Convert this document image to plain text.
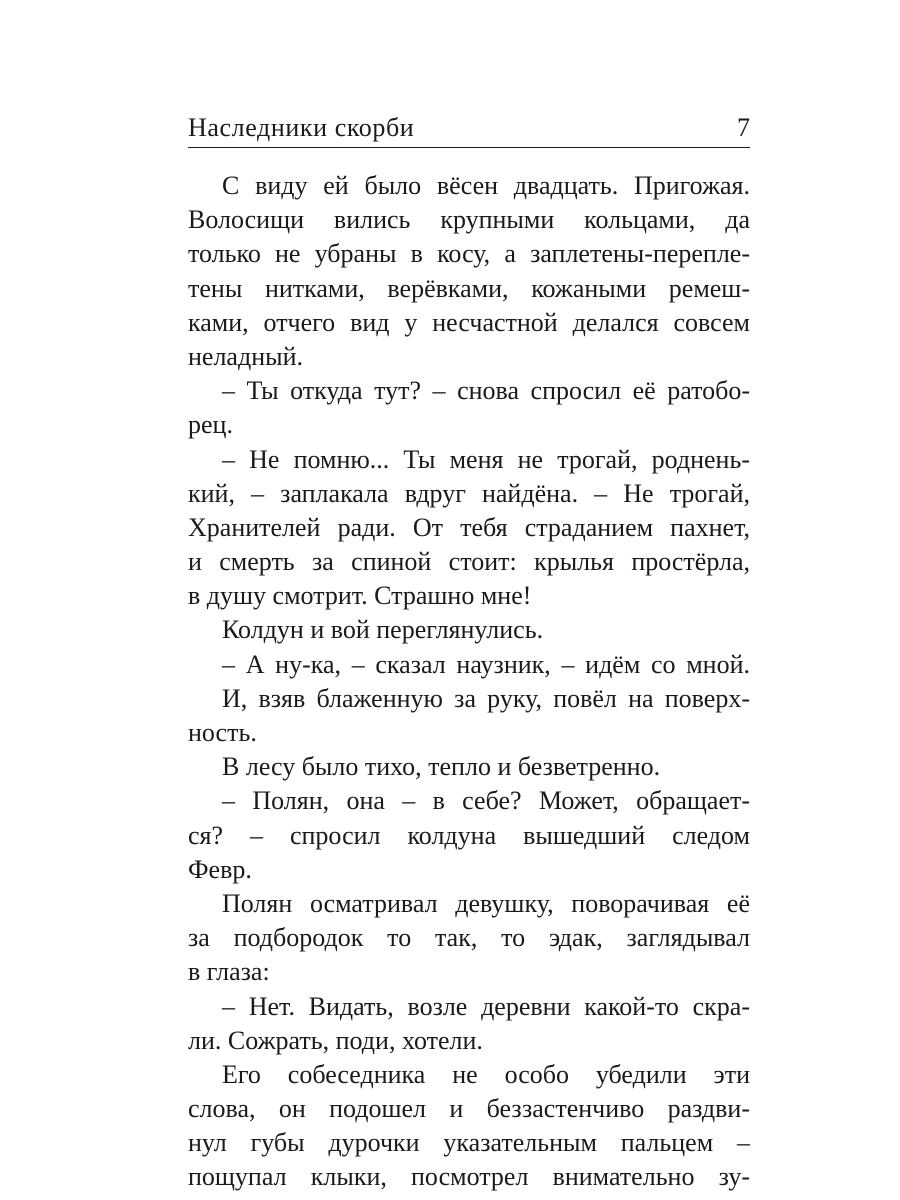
Наследники скорби	7
С виду ей было вёсен двадцать. Пригожая.
Волосищи вились крупными кольцами, да
только не убраны в косу, а заплетены-переплe-
тены нитками, верёвками, кожаными ремеш-
ками, отчего вид у несчастной делался совсем
неладный.
– Ты откуда тут? – снова спросил её ратобо-
рец.
– Не помню... Ты меня не трогай, роднень-
кий, – заплакала вдруг найдёна. – Не трогай,
Хранителей ради. От тебя страданием пахнет,
и смерть за спиной стоит: крылья простёрла,
в душу смотрит. Страшно мне!
Колдун и вой переглянулись.
– А ну-ка, – сказал наузник, – идём со мной.
И, взяв блаженную за руку, повёл на поверх-
ность.
В лесу было тихо, тепло и безветренно.
– Полян, она – в себе? Может, обращает-
ся? – спросил колдуна вышедший следом
Февр.
Полян осматривал девушку, поворачивая её
за подбородок то так, то эдак, заглядывал
в глаза:
– Нет. Видать, возле деревни какой-то скра-
ли. Сожрать, поди, хотели.
Его собеседника не особо убедили эти
слова, он подошел и беззастенчиво раздви-
нул губы дурочки указательным пальцем –
пощупал клыки, посмотрел внимательно зу-
